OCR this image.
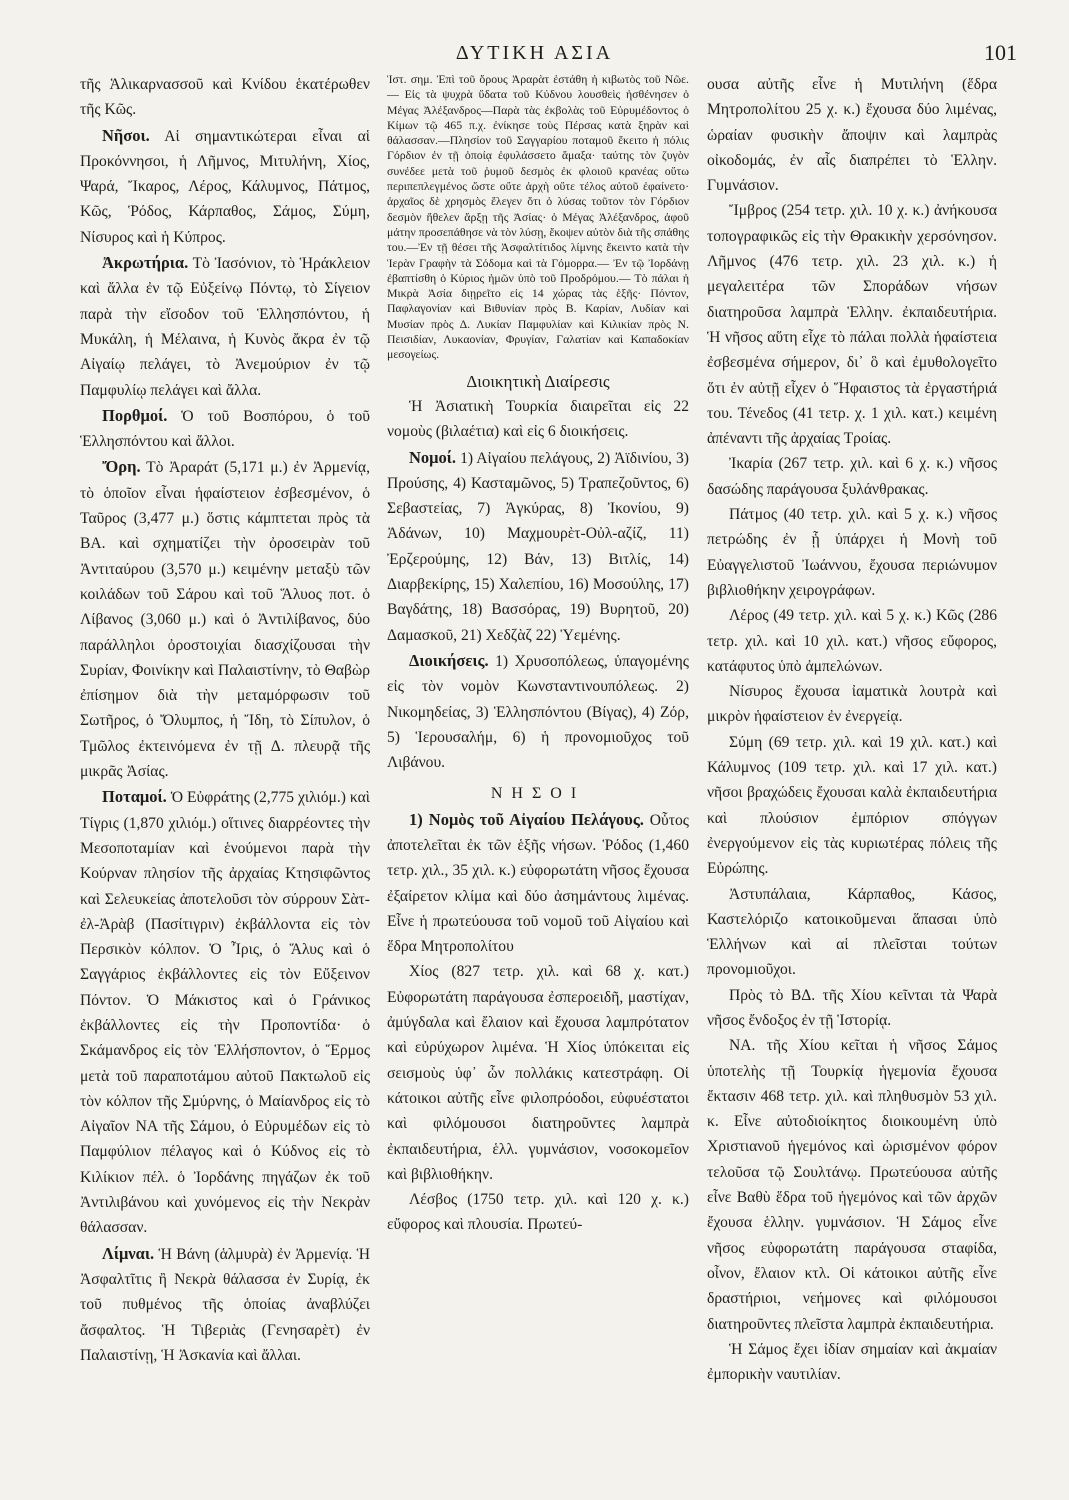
ΔΥΤΙΚΗ ΑΣΙΑ	101

τῆς Ἁλικαρνασσοῦ καὶ Κνίδου ἑκατέρωθεν τῆς Κῶς.

Νῆσοι. Αἱ σημαντικώτεραι εἶναι αἱ Προκόννησοι, ἡ Λῆμνος, Μιτυλήνη, Χίος, Ψαρά, Ἴκαρος, Λέρος, Κάλυμνος, Πάτμος, Κῶς, Ῥόδος, Κάρπαθος, Σάμος, Σύμη, Νίσυρος καὶ ἡ Κύπρος.

Ἀκρωτήρια. Τὸ Ἰασόνιον, τὸ Ἡράκλειον καὶ ἄλλα ἐν τῷ Εὐξείνῳ Πόντῳ, τὸ Σίγειον παρὰ τὴν εἴσοδον τοῦ Ἑλλησπόντου, ἡ Μυκάλη, ἡ Μέλαινα, ἡ Κυνὸς ἄκρα ἐν τῷ Αἰγαίῳ πελάγει, τὸ Ἀνεμούριον ἐν τῷ Παμφυλίῳ πελάγει καὶ ἄλλα.

Πορθμοί. Ὁ τοῦ Βοσπόρου, ὁ τοῦ Ἑλλησπόντου καὶ ἄλλοι.

Ὄρη. Τὸ Ἀραράτ (5,171 μ.) ἐν Ἀρμενίᾳ, τὸ ὁποῖον εἶναι ἡφαίστειον ἐσβεσμένον, ὁ Ταῦρος (3,477 μ.) ὅστις κάμπτεται πρὸς τὰ ΒΑ. καὶ σχηματίζει τὴν ὀροσειρὰν τοῦ Ἀντιταύρου (3,570 μ.) κειμένην μεταξὺ τῶν κοιλάδων τοῦ Σάρου καὶ τοῦ Ἅλυος ποτ. ὁ Λίβανος (3,060 μ.) καὶ ὁ Ἀντιλίβανος, δύο παράλληλοι ὀροστοιχίαι διασχίζουσαι τὴν Συρίαν, Φοινίκην καὶ Παλαιστίνην, τὸ Θαβὼρ ἐπίσημον διὰ τὴν μεταμόρφωσιν τοῦ Σωτῆρος, ὁ Ὄλυμπος, ἡ Ἴδη, τὸ Σίπυλον, ὁ Τμῶλος ἐκτεινόμενα ἐν τῇ Δ. πλευρᾷ τῆς μικρᾶς Ἀσίας.

Ποταμοί. Ὁ Εὐφράτης (2,775 χιλιόμ.) καὶ Τίγρις (1,870 χιλιόμ.) οἵτινες διαρρέοντες τὴν Μεσοποταμίαν καὶ ἑνούμενοι παρὰ τὴν Κούρναν πλησίον τῆς ἀρχαίας Κτησιφῶντος καὶ Σελευκείας ἀποτελοῦσι τὸν σύρρουν Σὰτ-ἐλ-Ἀρὰβ (Πασίτιγριν) ἐκβάλλοντα εἰς τὸν Περσικὸν κόλπον. Ὁ Ἶρις, ὁ Ἅλυς καὶ ὁ Σαγγάριος ἐκβάλλοντες εἰς τὸν Εὔξεινον Πόντον. Ὁ Μάκιστος καὶ ὁ Γράνικος ἐκβάλλοντες εἰς τὴν Προποντίδα· ὁ Σκάμανδρος εἰς τὸν Ἑλλήσποντον, ὁ Ἕρμος μετὰ τοῦ παραποτάμου αὐτοῦ Πακτωλοῦ εἰς τὸν κόλπον τῆς Σμύρνης, ὁ Μαίανδρος εἰς τὸ Αἰγαῖον ΝΑ τῆς Σάμου, ὁ Εὐρυμέδων εἰς τὸ Παμφύλιον πέλαγος καὶ ὁ Κύδνος εἰς τὸ Κιλίκιον πέλ. ὁ Ἰορδάνης πηγάζων ἐκ τοῦ Ἀντιλιβάνου καὶ χυνόμενος εἰς τὴν Νεκρὰν θάλασσαν.

Λίμναι. Ἡ Βάνη (ἁλμυρὰ) ἐν Ἀρμενίᾳ. Ἡ Ἀσφαλτῖτις ἢ Νεκρὰ θάλασσα ἐν Συρίᾳ, ἐκ τοῦ πυθμένος τῆς ὁποίας ἀναβλύζει ἄσφαλτος. Ἡ Τιβεριὰς (Γενησαρὲτ) ἐν Παλαιστίνῃ, Ἡ Ἀσκανία καὶ ἄλλαι.

Ἱστ. σημ. Ἐπὶ τοῦ ὄρους Ἀραρὰτ ἐστάθη ἡ κιβωτὸς τοῦ Νῶε. — Εἰς τὰ ψυχρὰ ὕδατα τοῦ Κύδνου λουσθεὶς ἠσθένησεν ὁ Μέγας Ἀλέξανδρος—Παρὰ τὰς ἐκβολὰς τοῦ Εὐρυμέδοντος ὁ Κίμων τῷ 465 π.χ. ἐνίκησε τοὺς Πέρσας κατὰ ξηρὰν καὶ θάλασσαν.—Πλησίον τοῦ Σαγγαρίου ποταμοῦ ἔκειτο ἡ πόλις Γόρδιον ἐν τῇ ὁποίᾳ ἐφυλάσσετο ἅμαξα· ταύτης τὸν ζυγὸν συνέδεε μετὰ τοῦ ῥυμοῦ δεσμὸς ἐκ φλοιοῦ κρανέας οὕτω περιπεπλεγμένος ὥστε οὔτε ἀρχὴ οὔτε τέλος αὐτοῦ ἐφαίνετο· ἀρχαῖος δὲ χρησμὸς ἔλεγεν ὅτι ὁ λύσας τοῦτον τὸν Γόρδιον δεσμὸν ἤθελεν ἄρξῃ τῆς Ἀσίας· ὁ Μέγας Ἀλέξανδρος, ἀφοῦ μάτην προσεπάθησε νὰ τὸν λύσῃ, ἔκοψεν αὐτὸν διὰ τῆς σπάθης του.—Ἐν τῇ θέσει τῆς Ἀσφαλτίτιδος λίμνης ἔκειντο κατὰ τὴν Ἱερὰν Γραφὴν τὰ Σόδομα καὶ τὰ Γόμορρα.— Ἐν τῷ Ἰορδάνῃ ἐβαπτίσθη ὁ Κύριος ἡμῶν ὑπὸ τοῦ Προδρόμου.— Τὸ πάλαι ἡ Μικρὰ Ἀσία διῃρεῖτο εἰς 14 χώρας τὰς ἑξῆς· Πόντον, Παφλαγονίαν καὶ Βιθυνίαν πρὸς Β. Καρίαν, Λυδίαν καὶ Μυσίαν πρὸς Δ. Λυκίαν Παμφυλίαν καὶ Κιλικίαν πρὸς Ν. Πεισιδίαν, Λυκαονίαν, Φρυγίαν, Γαλατίαν καὶ Καπαδοκίαν μεσογείως.

Διοικητικὴ Διαίρεσις

Ἡ Ἀσιατικὴ Τουρκία διαιρεῖται εἰς 22 νομοὺς (βιλαέτια) καὶ εἰς 6 διοικήσεις.

Νομοί. 1) Αἰγαίου πελάγους, 2) Ἀϊδινίου, 3) Προύσης, 4) Κασταμῶνος, 5) Τραπεζοῦντος, 6) Σεβαστείας, 7) Ἀγκύρας, 8) Ἰκονίου, 9) Ἀδάνων, 10) Μαχμουρὲτ-Οὐλ-αζίζ, 11) Ἐρζερούμης, 12) Βάν, 13) Βιτλίς, 14) Διαρβεκίρης, 15) Χαλεπίου, 16) Μοσούλης, 17) Βαγδάτης, 18) Βασσόρας, 19) Βυρητοῦ, 20) Δαμασκοῦ, 21) Χεδζὰζ 22) Ὑεμένης.

Διοικήσεις. 1) Χρυσοπόλεως, ὑπαγομένης εἰς τὸν νομὸν Κωνσταντινουπόλεως. 2) Νικομηδείας, 3) Ἑλλησπόντου (Βίγας), 4) Ζόρ, 5) Ἱερουσαλήμ, 6) ἡ προνομιοῦχος τοῦ Λιβάνου.

ΝΗΣΟΙ

1) Νομὸς τοῦ Αἰγαίου Πελάγους. Οὗτος ἀποτελεῖται ἐκ τῶν ἑξῆς νήσων. Ῥόδος (1,460 τετρ. χιλ., 35 χιλ. κ.) εὐφορωτάτη νῆσος ἔχουσα ἐξαίρετον κλίμα καὶ δύο ἀσημάντους λιμένας. Εἶνε ἡ πρωτεύουσα τοῦ νομοῦ τοῦ Αἰγαίου καὶ ἕδρα Μητροπολίτου

Χίος (827 τετρ. χιλ. καὶ 68 χ. κατ.) Εὐφορωτάτη παράγουσα ἐσπεροειδῆ, μαστίχαν, ἀμύγδαλα καὶ ἔλαιον καὶ ἔχουσα λαμπρότατον καὶ εὐρύχωρον λιμένα. Ἡ Χίος ὑπόκειται εἰς σεισμοὺς ὑφ᾽ ὧν πολλάκις κατεστράφη. Οἱ κάτοικοι αὐτῆς εἶνε φιλοπρόοδοι, εὐφυέστατοι καὶ φιλόμουσοι διατηροῦντες λαμπρὰ ἐκπαιδευτήρια, ἑλλ. γυμνάσιον, νοσοκομεῖον καὶ βιβλιοθήκην.

Λέσβος (1750 τετρ. χιλ. καὶ 120 χ. κ.) εὔφορος καὶ πλουσία. Πρωτεύ-

ουσα αὐτῆς εἶνε ἡ Μυτιλήνη (ἕδρα Μητροπολίτου 25 χ. κ.) ἔχουσα δύο λιμένας, ὡραίαν φυσικὴν ἄποψιν καὶ λαμπρὰς οἰκοδομάς, ἐν αἷς διαπρέπει τὸ Ἑλλην. Γυμνάσιον.

Ἴμβρος (254 τετρ. χιλ. 10 χ. κ.) ἀνήκουσα τοπογραφικῶς εἰς τὴν Θρακικὴν χερσόνησον. Λῆμνος (476 τετρ. χιλ. 23 χιλ. κ.) ἡ μεγαλειτέρα τῶν Σποράδων νήσων διατηροῦσα λαμπρὰ Ἑλλην. ἐκπαιδευτήρια. Ἡ νῆσος αὕτη εἶχε τὸ πάλαι πολλὰ ἡφαίστεια ἐσβεσμένα σήμερον, δι᾽ ὃ καὶ ἐμυθολογεῖτο ὅτι ἐν αὐτῇ εἶχεν ὁ Ἥφαιστος τὰ ἐργαστήριά του. Τένεδος (41 τετρ. χ. 1 χιλ. κατ.) κειμένη ἀπέναντι τῆς ἀρχαίας Τροίας.

Ἰκαρία (267 τετρ. χιλ. καὶ 6 χ. κ.) νῆσος δασώδης παράγουσα ξυλάνθρακας.

Πάτμος (40 τετρ. χιλ. καὶ 5 χ. κ.) νῆσος πετρώδης ἐν ᾗ ὑπάρχει ἡ Μονὴ τοῦ Εὐαγγελιστοῦ Ἰωάννου, ἔχουσα περιώνυμον βιβλιοθήκην χειρογράφων.

Λέρος (49 τετρ. χιλ. καὶ 5 χ. κ.) Κῶς (286 τετρ. χιλ. καὶ 10 χιλ. κατ.) νῆσος εὔφορος, κατάφυτος ὑπὸ ἀμπελώνων.

Νίσυρος ἔχουσα ἰαματικὰ λουτρὰ καὶ μικρὸν ἡφαίστειον ἐν ἐνεργείᾳ.

Σύμη (69 τετρ. χιλ. καὶ 19 χιλ. κατ.) καὶ Κάλυμνος (109 τετρ. χιλ. καὶ 17 χιλ. κατ.) νῆσοι βραχώδεις ἔχουσαι καλὰ ἐκπαιδευτήρια καὶ πλούσιον ἐμπόριον σπόγγων ἐνεργούμενον εἰς τὰς κυριωτέρας πόλεις τῆς Εὐρώπης.

Ἀστυπάλαια, Κάρπαθος, Κάσος, Καστελόριζο κατοικοῦμεναι ἅπασαι ὑπὸ Ἑλλήνων καὶ αἱ πλεῖσται τούτων προνομιοῦχοι.

Πρὸς τὸ ΒΔ. τῆς Χίου κεῖνται τὰ Ψαρὰ νῆσος ἔνδοξος ἐν τῇ Ἱστορίᾳ.

ΝΑ. τῆς Χίου κεῖται ἡ νῆσος Σάμος ὑποτελὴς τῇ Τουρκίᾳ ἡγεμονία ἔχουσα ἔκτασιν 468 τετρ. χιλ. καὶ πληθυσμὸν 53 χιλ. κ. Εἶνε αὐτοδιοίκητος διοικουμένη ὑπὸ Χριστιανοῦ ἡγεμόνος καὶ ὡρισμένον φόρον τελοῦσα τῷ Σουλτάνῳ. Πρωτεύουσα αὐτῆς εἶνε Βαθὺ ἕδρα τοῦ ἡγεμόνος καὶ τῶν ἀρχῶν ἔχουσα ἑλλην. γυμνάσιον. Ἡ Σάμος εἶνε νῆσος εὐφορωτάτη παράγουσα σταφίδα, οἶνον, ἔλαιον κτλ. Οἱ κάτοικοι αὐτῆς εἶνε δραστήριοι, νεήμονες καὶ φιλόμουσοι διατηροῦντες πλεῖστα λαμπρὰ ἐκπαιδευτήρια.

Ἡ Σάμος ἔχει ἰδίαν σημαίαν καὶ ἀκμαίαν ἐμπορικὴν ναυτιλίαν.
